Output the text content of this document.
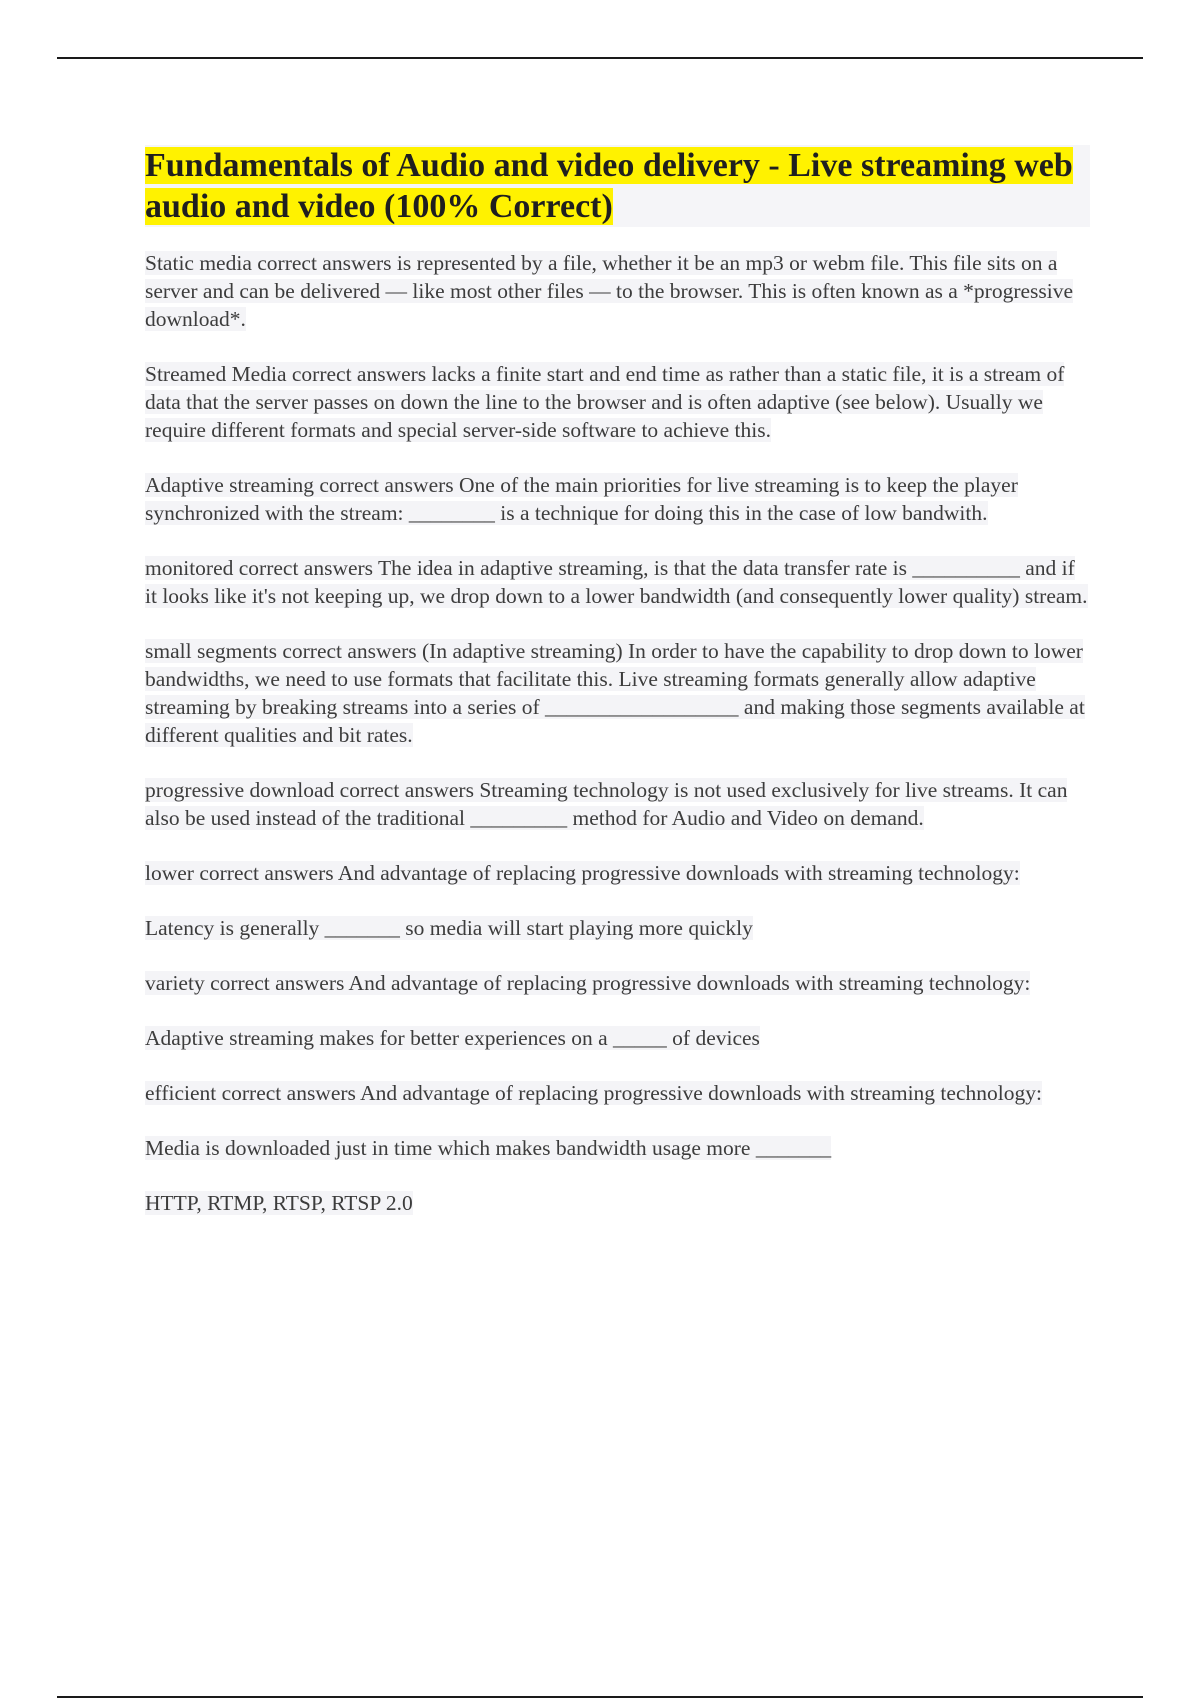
Fundamentals of Audio and video delivery - Live streaming web audio and video (100% Correct)

Static media correct answers is represented by a file, whether it be an mp3 or webm file. This file sits on a server and can be delivered — like most other files — to the browser. This is often known as a *progressive download*.

Streamed Media correct answers lacks a finite start and end time as rather than a static file, it is a stream of data that the server passes on down the line to the browser and is often adaptive (see below). Usually we require different formats and special server-side software to achieve this.

Adaptive streaming correct answers One of the main priorities for live streaming is to keep the player synchronized with the stream: ________ is a technique for doing this in the case of low bandwith.

monitored correct answers The idea in adaptive streaming, is that the data transfer rate is __________ and if it looks like it's not keeping up, we drop down to a lower bandwidth (and consequently lower quality) stream.

small segments correct answers (In adaptive streaming) In order to have the capability to drop down to lower bandwidths, we need to use formats that facilitate this. Live streaming formats generally allow adaptive streaming by breaking streams into a series of __________________ and making those segments available at different qualities and bit rates.

progressive download correct answers Streaming technology is not used exclusively for live streams. It can also be used instead of the traditional _________ method for Audio and Video on demand.

lower correct answers And advantage of replacing progressive downloads with streaming technology:

Latency is generally _______ so media will start playing more quickly

variety correct answers And advantage of replacing progressive downloads with streaming technology:

Adaptive streaming makes for better experiences on a _____ of devices

efficient correct answers And advantage of replacing progressive downloads with streaming technology:

Media is downloaded just in time which makes bandwidth usage more _______

HTTP, RTMP, RTSP, RTSP 2.0
